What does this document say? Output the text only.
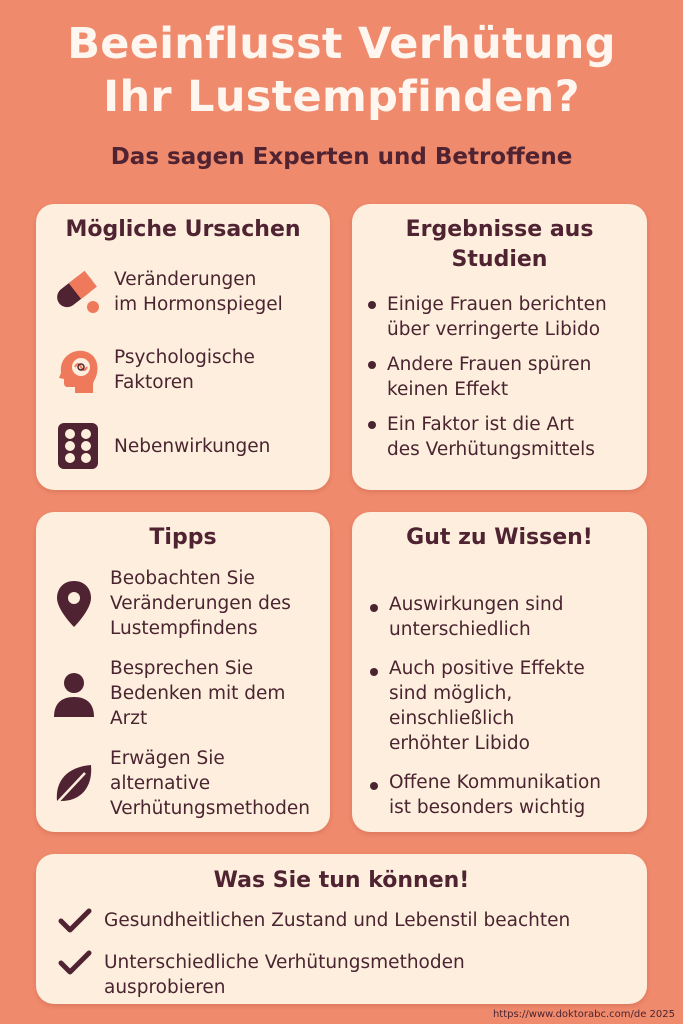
Beeinflusst Verhütung
Ihr Lustempfinden?
Das sagen Experten und Betroffene
Mögliche Ursachen
Veränderungen
im Hormonspiegel
Psychologische
Faktoren
Nebenwirkungen
Ergebnisse aus
Studien
Einige Frauen berichten
über verringerte Libido
Andere Frauen spüren
keinen Effekt
Ein Faktor ist die Art
des Verhütungsmittels
Tipps
Beobachten Sie
Veränderungen des
Lustempfindens
Besprechen Sie
Bedenken mit dem
Arzt
Erwägen Sie
alternative
Verhütungsmethoden
Gut zu Wissen!
Auswirkungen sind
unterschiedlich
Auch positive Effekte
sind möglich,
einschließlich
erhöhter Libido
Offene Kommunikation
ist besonders wichtig
Was Sie tun können!
Gesundheitlichen Zustand und Lebenstil beachten
Unterschiedliche Verhütungsmethoden
ausprobieren
https://www.doktorabc.com/de 2025
